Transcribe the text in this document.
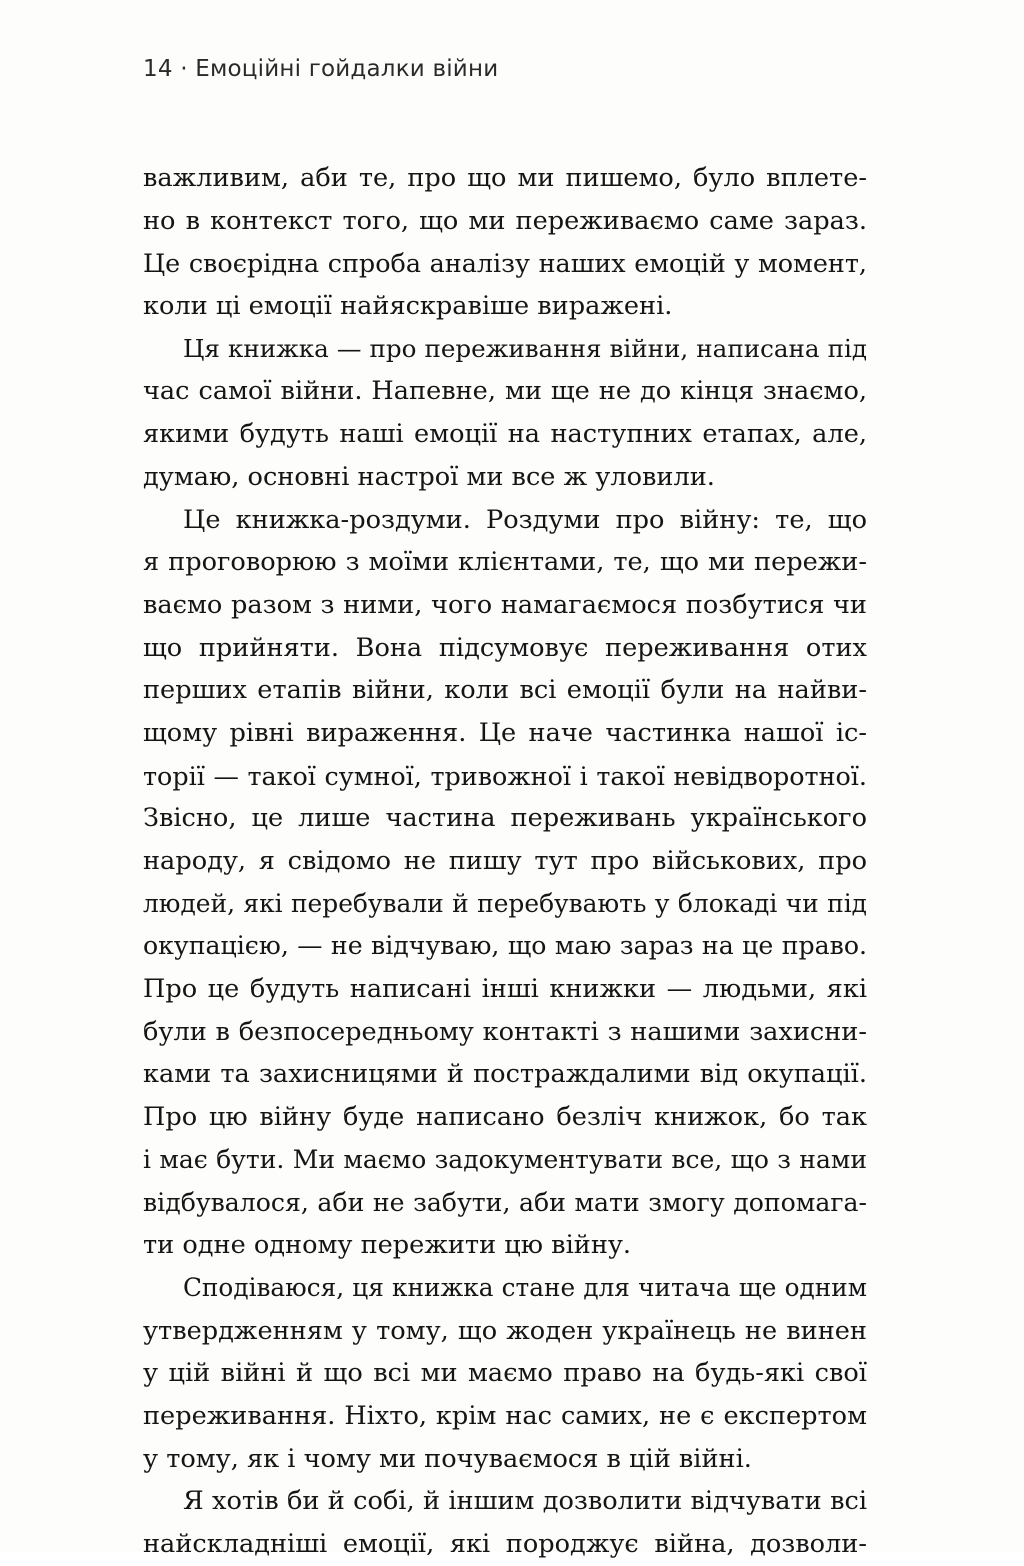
14 · Емоційні гойдалки війни
важливим, аби те, про що ми пишемо, було вплете-
но в контекст того, що ми переживаємо саме зараз.
Це своєрідна спроба аналізу наших емоцій у момент,
коли ці емоції найяскравіше виражені.
Ця книжка — про переживання війни, написана під
час самої війни. Напевне, ми ще не до кінця знаємо,
якими будуть наші емоції на наступних етапах, але,
думаю, основні настрої ми все ж уловили.
Це книжка-роздуми. Роздуми про війну: те, що
я проговорюю з моїми клієнтами, те, що ми пережи-
ваємо разом з ними, чого намагаємося позбутися чи
що прийняти. Вона підсумовує переживання отих
перших етапів війни, коли всі емоції були на найви-
щому рівні вираження. Це наче частинка нашої іс-
торії — такої сумної, тривожної і такої невідворотної.
Звісно, це лише частина переживань українського
народу, я свідомо не пишу тут про військових, про
людей, які перебували й перебувають у блокаді чи під
окупацією, — не відчуваю, що маю зараз на це право.
Про це будуть написані інші книжки — людьми, які
були в безпосередньому контакті з нашими захисни-
ками та захисницями й постраждалими від окупації.
Про цю війну буде написано безліч книжок, бо так
і має бути. Ми маємо задокументувати все, що з нами
відбувалося, аби не забути, аби мати змогу допомага-
ти одне одному пережити цю війну.
Сподіваюся, ця книжка стане для читача ще одним
утвердженням у тому, що жоден українець не винен
у цій війні й що всі ми маємо право на будь-які свої
переживання. Ніхто, крім нас самих, не є експертом
у тому, як і чому ми почуваємося в цій війні.
Я хотів би й собі, й іншим дозволити відчувати всі
найскладніші емоції, які породжує війна, дозволи-
